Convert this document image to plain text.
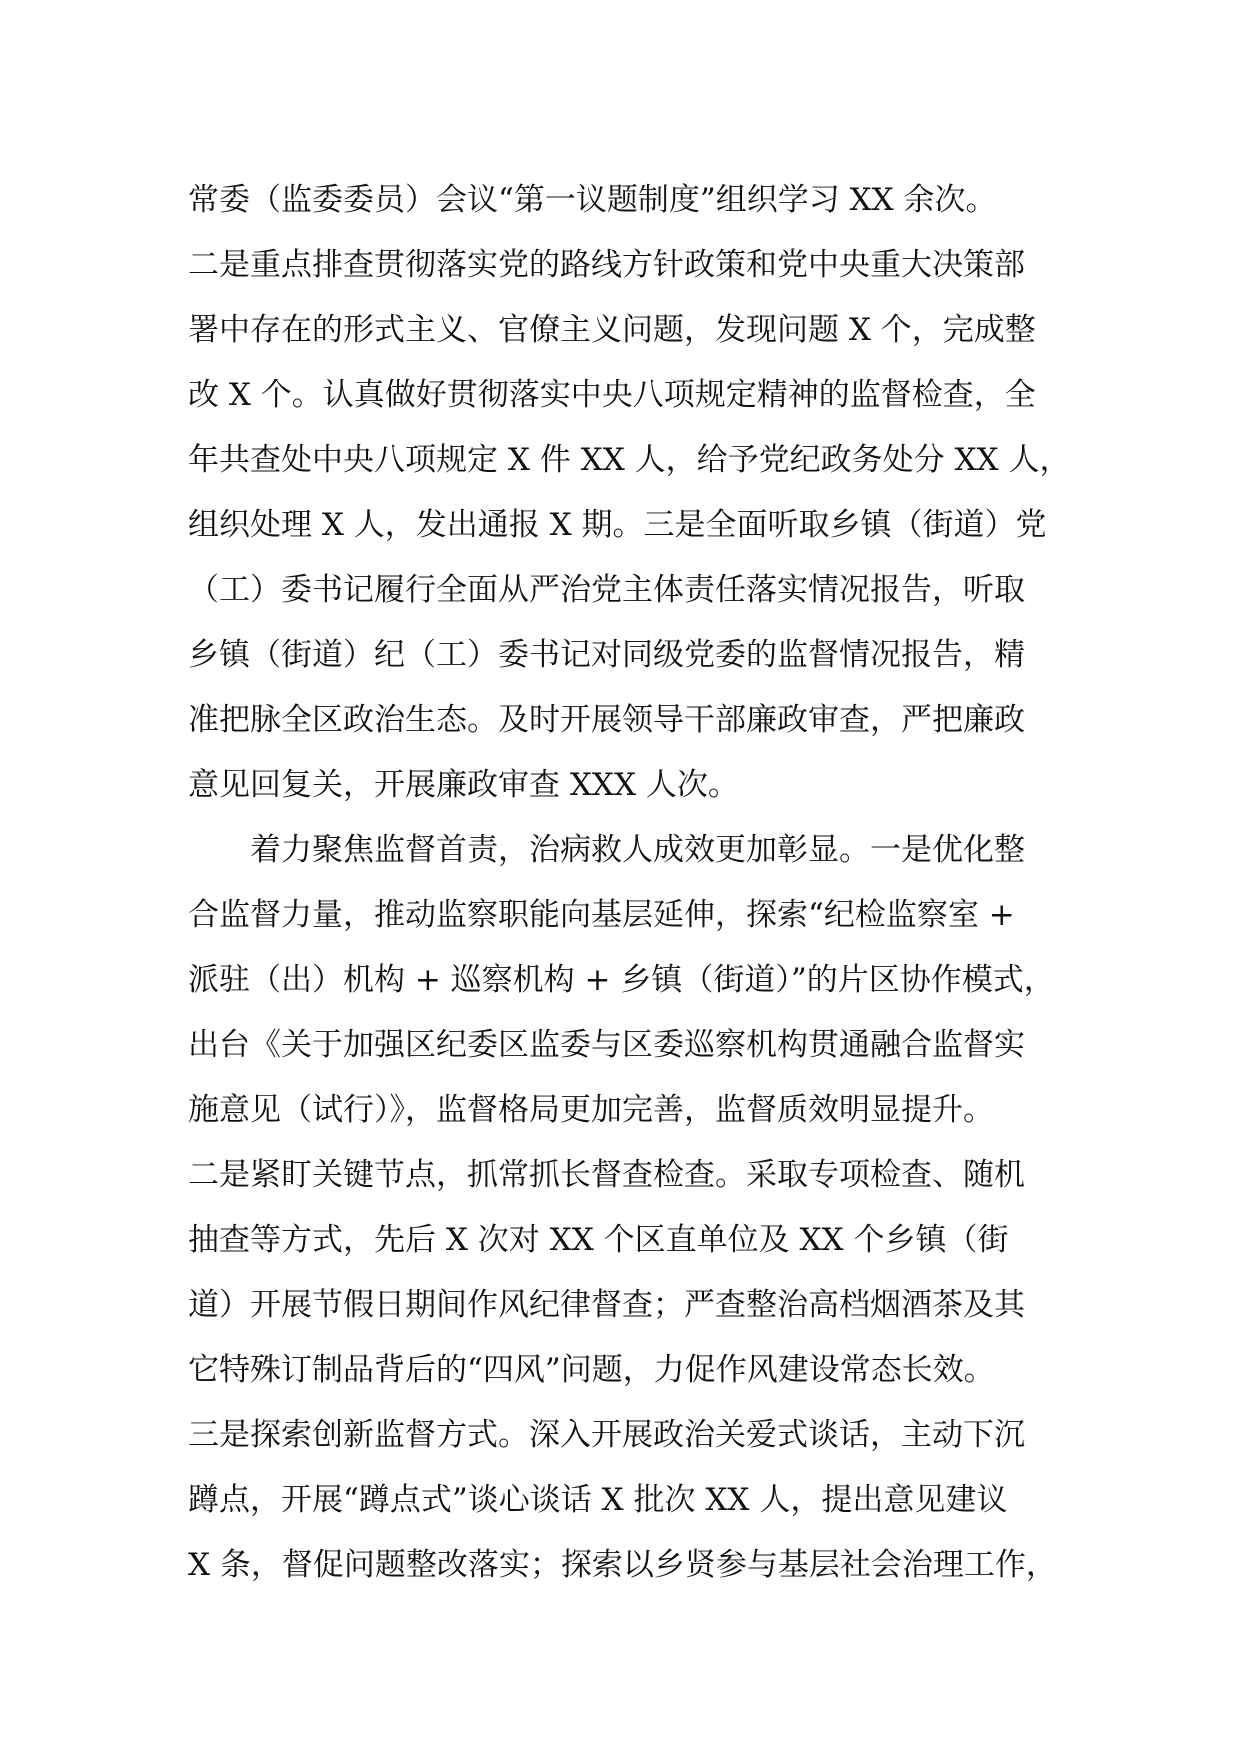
常委（监委委员）会议“第一议题制度”组织学习 XX 余次。
二是重点排查贯彻落实党的路线方针政策和党中央重大决策部
署中存在的形式主义、官僚主义问题，发现问题 X 个，完成整
改 X 个。认真做好贯彻落实中央八项规定精神的监督检查，全
年共查处中央八项规定 X 件 XX 人，给予党纪政务处分 XX 人，
组织处理 X 人，发出通报 X 期。三是全面听取乡镇（街道）党
（工）委书记履行全面从严治党主体责任落实情况报告，听取
乡镇（街道）纪（工）委书记对同级党委的监督情况报告，精
准把脉全区政治生态。及时开展领导干部廉政审查，严把廉政
意见回复关，开展廉政审查 XXX 人次。
　　着力聚焦监督首责，治病救人成效更加彰显。一是优化整
合监督力量，推动监察职能向基层延伸，探索“纪检监察室 +
派驻（出）机构 + 巡察机构 + 乡镇（街道）”的片区协作模式，
出台《关于加强区纪委区监委与区委巡察机构贯通融合监督实
施意见（试行）》，监督格局更加完善，监督质效明显提升。
二是紧盯关键节点，抓常抓长督查检查。采取专项检查、随机
抽查等方式，先后 X 次对 XX 个区直单位及 XX 个乡镇（街
道）开展节假日期间作风纪律督查；严查整治高档烟酒茶及其
它特殊订制品背后的“四风”问题，力促作风建设常态长效。
三是探索创新监督方式。深入开展政治关爱式谈话，主动下沉
蹲点，开展“蹲点式”谈心谈话 X 批次 XX 人，提出意见建议
X 条，督促问题整改落实；探索以乡贤参与基层社会治理工作，
